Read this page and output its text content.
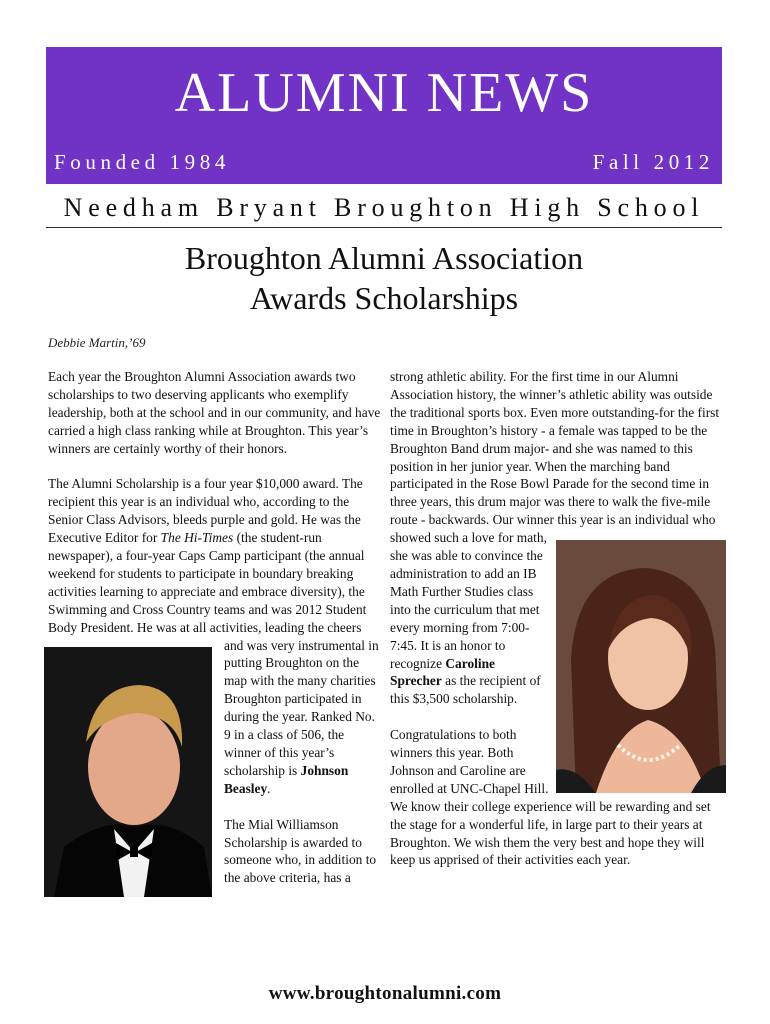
ALUMNI NEWS
Founded 1984	Fall 2012
Needham Bryant Broughton High School
Broughton Alumni Association
Awards Scholarships
Debbie Martin,’69

Each year the Broughton Alumni Association awards two scholarships to two deserving applicants who exemplify leadership, both at the school and in our community, and have carried a high class ranking while at Broughton. This year’s winners are certainly worthy of their honors.

The Alumni Scholarship is a four year $10,000 award. The recipient this year is an individual who, according to the Senior Class Advisors, bleeds purple and gold. He was the Executive Editor for The Hi-Times (the student-run newspaper), a four-year Caps Camp participant (the annual weekend for students to participate in boundary breaking activities learning to appreciate and embrace diversity), the Swimming and Cross Country teams and was 2012 Student Body President. He was at all activities, leading the cheers and was very instrumental in putting Broughton on the map with the many charities Broughton participated in during the year. Ranked No. 9 in a class of 506, the winner of this year’s scholarship is Johnson Beasley.

The Mial Williamson Scholarship is awarded to someone who, in addition to the above criteria, has a

strong athletic ability. For the first time in our Alumni Association history, the winner’s athletic ability was outside the traditional sports box. Even more outstanding-for the first time in Broughton’s history - a female was tapped to be the Broughton Band drum major- and she was named to this position in her junior year. When the marching band participated in the Rose Bowl Parade for the second time in three years, this drum major was there to walk the five-mile route - backwards. Our winner this year is an individual who showed such a love for math, she was able to convince the administration to add an IB Math Further Studies class into the curriculum that met every morning from 7:00-7:45. It is an honor to recognize Caroline Sprecher as the recipient of this $3,500 scholarship.

Congratulations to both winners this year. Both Johnson and Caroline are enrolled at UNC-Chapel Hill. We know their college experience will be rewarding and set the stage for a wonderful life, in large part to their years at Broughton. We wish them the very best and hope they will keep us apprised of their activities each year.

www.broughtonalumni.com
